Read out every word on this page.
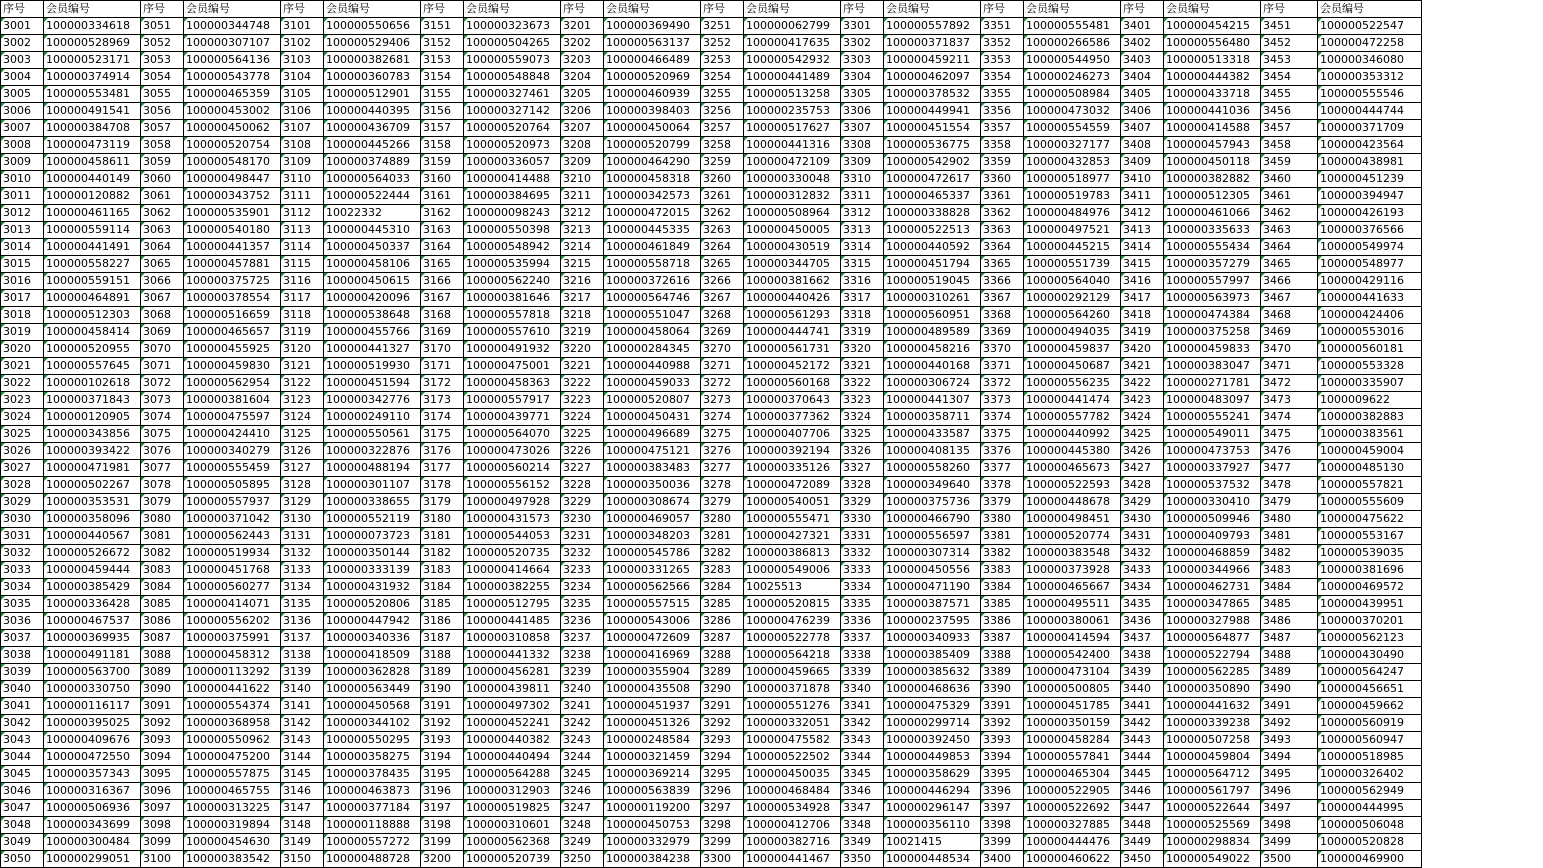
序号	会员编号	序号	会员编号	序号	会员编号	序号	会员编号	序号	会员编号	序号	会员编号	序号	会员编号	序号	会员编号	序号	会员编号	序号	会员编号
3001	100000334618	3051	100000344748	3101	100000550656	3151	100000323673	3201	100000369490	3251	100000062799	3301	100000557892	3351	100000555481	3401	100000454215	3451	100000522547
3002	100000528969	3052	100000307107	3102	100000529406	3152	100000504265	3202	100000563137	3252	100000417635	3302	100000371837	3352	100000266586	3402	100000556480	3452	100000472258
3003	100000523171	3053	100000564136	3103	100000382681	3153	100000559073	3203	100000466489	3253	100000542932	3303	100000459211	3353	100000544950	3403	100000513318	3453	100000346080
3004	100000374914	3054	100000543778	3104	100000360783	3154	100000548848	3204	100000520969	3254	100000441489	3304	100000462097	3354	100000246273	3404	100000444382	3454	100000353312
3005	100000553481	3055	100000465359	3105	100000512901	3155	100000327461	3205	100000460939	3255	100000513258	3305	100000378532	3355	100000508984	3405	100000433718	3455	100000555546
3006	100000491541	3056	100000453002	3106	100000440395	3156	100000327142	3206	100000398403	3256	100000235753	3306	100000449941	3356	100000473032	3406	100000441036	3456	100000444744
3007	100000384708	3057	100000450062	3107	100000436709	3157	100000520764	3207	100000450064	3257	100000517627	3307	100000451554	3357	100000554559	3407	100000414588	3457	100000371709
3008	100000473119	3058	100000520754	3108	100000445266	3158	100000520973	3208	100000520799	3258	100000441316	3308	100000536775	3358	100000327177	3408	100000457943	3458	100000423564
3009	100000458611	3059	100000548170	3109	100000374889	3159	100000336057	3209	100000464290	3259	100000472109	3309	100000542902	3359	100000432853	3409	100000450118	3459	100000438981
3010	100000440149	3060	100000498447	3110	100000564033	3160	100000414488	3210	100000458318	3260	100000330048	3310	100000472617	3360	100000518977	3410	100000382882	3460	100000451239
3011	100000120882	3061	100000343752	3111	100000522444	3161	100000384695	3211	100000342573	3261	100000312832	3311	100000465337	3361	100000519783	3411	100000512305	3461	100000394947
3012	100000461165	3062	100000535901	3112	10022332	3162	100000098243	3212	100000472015	3262	100000508964	3312	100000338828	3362	100000484976	3412	100000461066	3462	100000426193
3013	100000559114	3063	100000540180	3113	100000445310	3163	100000550398	3213	100000445335	3263	100000450005	3313	100000522513	3363	100000497521	3413	100000335633	3463	100000376566
3014	100000441491	3064	100000441357	3114	100000450337	3164	100000548942	3214	100000461849	3264	100000430519	3314	100000440592	3364	100000445215	3414	100000555434	3464	100000549974
3015	100000558227	3065	100000457881	3115	100000458106	3165	100000535994	3215	100000558718	3265	100000344705	3315	100000451794	3365	100000551739	3415	100000357279	3465	100000548977
3016	100000559151	3066	100000375725	3116	100000450615	3166	100000562240	3216	100000372616	3266	100000381662	3316	100000519045	3366	100000564040	3416	100000557997	3466	100000429116
3017	100000464891	3067	100000378554	3117	100000420096	3167	100000381646	3217	100000564746	3267	100000440426	3317	100000310261	3367	100000292129	3417	100000563973	3467	100000441633
3018	100000512303	3068	100000516659	3118	100000538648	3168	100000557818	3218	100000551047	3268	100000561293	3318	100000560951	3368	100000564260	3418	100000474384	3468	100000424406
3019	100000458414	3069	100000465657	3119	100000455766	3169	100000557610	3219	100000458064	3269	100000444741	3319	100000489589	3369	100000494035	3419	100000375258	3469	100000553016
3020	100000520955	3070	100000455925	3120	100000441327	3170	100000491932	3220	100000284345	3270	100000561731	3320	100000458216	3370	100000459837	3420	100000459833	3470	100000560181
3021	100000557645	3071	100000459830	3121	100000519930	3171	100000475001	3221	100000440988	3271	100000452172	3321	100000440168	3371	100000450687	3421	100000383047	3471	100000553328
3022	100000102618	3072	100000562954	3122	100000451594	3172	100000458363	3222	100000459033	3272	100000560168	3322	100000306724	3372	100000556235	3422	100000271781	3472	100000335907
3023	100000371843	3073	100000381604	3123	100000342776	3173	100000557917	3223	100000520807	3273	100000370643	3323	100000441307	3373	100000441474	3423	100000483097	3473	1000009622
3024	100000120905	3074	100000475597	3124	100000249110	3174	100000439771	3224	100000450431	3274	100000377362	3324	100000358711	3374	100000557782	3424	100000555241	3474	100000382883
3025	100000343856	3075	100000424410	3125	100000550561	3175	100000564070	3225	100000496689	3275	100000407706	3325	100000433587	3375	100000440992	3425	100000549011	3475	100000383561
3026	100000393422	3076	100000340279	3126	100000322876	3176	100000473026	3226	100000475121	3276	100000392194	3326	100000408135	3376	100000445380	3426	100000473753	3476	100000459004
3027	100000471981	3077	100000555459	3127	100000488194	3177	100000560214	3227	100000383483	3277	100000335126	3327	100000558260	3377	100000465673	3427	100000337927	3477	100000485130
3028	100000502267	3078	100000505895	3128	100000301107	3178	100000556152	3228	100000350036	3278	100000472089	3328	100000349640	3378	100000522593	3428	100000537532	3478	100000557821
3029	100000353531	3079	100000557937	3129	100000338655	3179	100000497928	3229	100000308674	3279	100000540051	3329	100000375736	3379	100000448678	3429	100000330410	3479	100000555609
3030	100000358096	3080	100000371042	3130	100000552119	3180	100000431573	3230	100000469057	3280	100000555471	3330	100000466790	3380	100000498451	3430	100000509946	3480	100000475622
3031	100000440567	3081	100000562443	3131	100000073723	3181	100000544053	3231	100000348203	3281	100000427321	3331	100000556597	3381	100000520774	3431	100000409793	3481	100000553167
3032	100000526672	3082	100000519934	3132	100000350144	3182	100000520735	3232	100000545786	3282	100000386813	3332	100000307314	3382	100000383548	3432	100000468859	3482	100000539035
3033	100000459444	3083	100000451768	3133	100000333139	3183	100000414664	3233	100000331265	3283	100000549006	3333	100000450556	3383	100000373928	3433	100000344966	3483	100000381696
3034	100000385429	3084	100000560277	3134	100000431932	3184	100000382255	3234	100000562566	3284	10025513	3334	100000471190	3384	100000465667	3434	100000462731	3484	100000469572
3035	100000336428	3085	100000414071	3135	100000520806	3185	100000512795	3235	100000557515	3285	100000520815	3335	100000387571	3385	100000495511	3435	100000347865	3485	100000439951
3036	100000467537	3086	100000556202	3136	100000447942	3186	100000441485	3236	100000543006	3286	100000476239	3336	100000237595	3386	100000380061	3436	100000327988	3486	100000370201
3037	100000369935	3087	100000375991	3137	100000340336	3187	100000310858	3237	100000472609	3287	100000522778	3337	100000340933	3387	100000414594	3437	100000564877	3487	100000562123
3038	100000491181	3088	100000458312	3138	100000418509	3188	100000441332	3238	100000416969	3288	100000564218	3338	100000385409	3388	100000542400	3438	100000522794	3488	100000430490
3039	100000563700	3089	100000113292	3139	100000362828	3189	100000456281	3239	100000355904	3289	100000459665	3339	100000385632	3389	100000473104	3439	100000562285	3489	100000564247
3040	100000330750	3090	100000441622	3140	100000563449	3190	100000439811	3240	100000435508	3290	100000371878	3340	100000468636	3390	100000500805	3440	100000350890	3490	100000456651
3041	100000116117	3091	100000554374	3141	100000450568	3191	100000497302	3241	100000451937	3291	100000551276	3341	100000475329	3391	100000451785	3441	100000441632	3491	100000459662
3042	100000395025	3092	100000368958	3142	100000344102	3192	100000452241	3242	100000451326	3292	100000332051	3342	100000299714	3392	100000350159	3442	100000339238	3492	100000560919
3043	100000409676	3093	100000550962	3143	100000550295	3193	100000440382	3243	100000248584	3293	100000475582	3343	100000392450	3393	100000458284	3443	100000507258	3493	100000560947
3044	100000472550	3094	100000475200	3144	100000358275	3194	100000440494	3244	100000321459	3294	100000522502	3344	100000449853	3394	100000557841	3444	100000459804	3494	100000518985
3045	100000357343	3095	100000557875	3145	100000378435	3195	100000564288	3245	100000369214	3295	100000450035	3345	100000358629	3395	100000465304	3445	100000564712	3495	100000326402
3046	100000316367	3096	100000465755	3146	100000463873	3196	100000312903	3246	100000563839	3296	100000468484	3346	100000446294	3396	100000522905	3446	100000561797	3496	100000562949
3047	100000506936	3097	100000313225	3147	100000377184	3197	100000519825	3247	100000119200	3297	100000534928	3347	100000296147	3397	100000522692	3447	100000522644	3497	100000444995
3048	100000343699	3098	100000319894	3148	100000118888	3198	100000310601	3248	100000450753	3298	100000412706	3348	100000356110	3398	100000327885	3448	100000525569	3498	100000506048
3049	100000300484	3099	100000454630	3149	100000557272	3199	100000562368	3249	100000332979	3299	100000382716	3349	10021415	3399	100000444476	3449	100000298834	3499	100000520828
3050	100000299051	3100	100000383542	3150	100000488728	3200	100000520739	3250	100000384238	3300	100000441467	3350	100000448534	3400	100000460622	3450	100000549022	3500	100000469900
